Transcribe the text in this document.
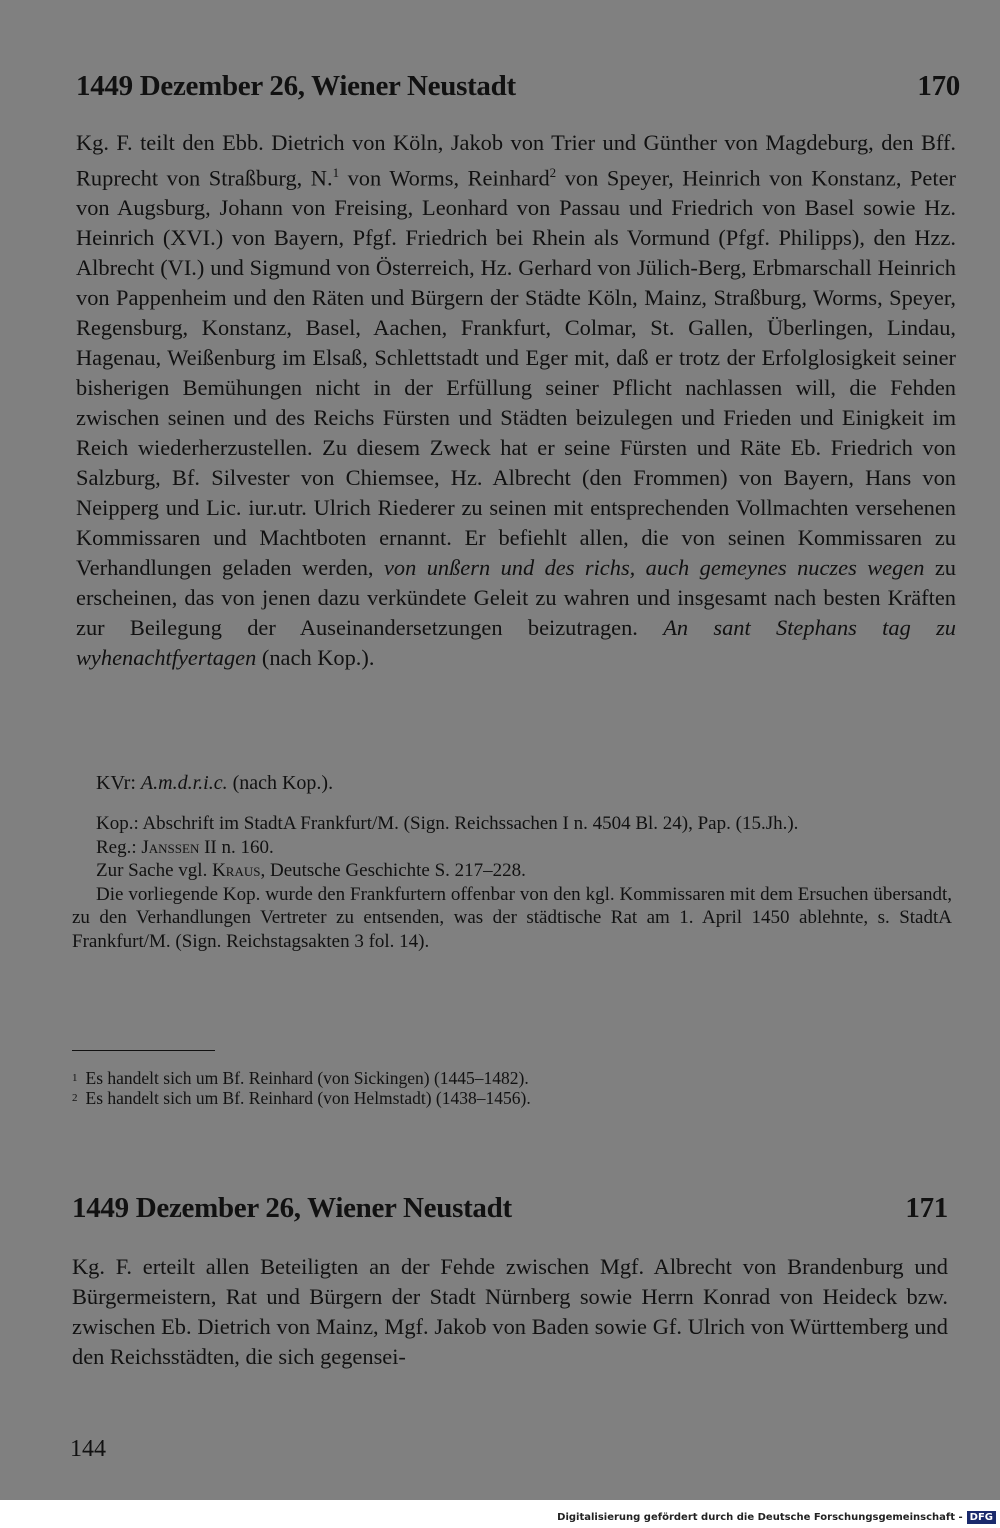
1449 Dezember 26, Wiener Neustadt	170

Kg. F. teilt den Ebb. Dietrich von Köln, Jakob von Trier und Günther von Magdeburg, den Bff. Ruprecht von Straßburg, N.$^1$ von Worms, Reinhard$^2$ von Speyer, Heinrich von Konstanz, Peter von Augsburg, Johann von Freising, Leonhard von Passau und Friedrich von Basel sowie Hz. Heinrich (XVI.) von Bayern, Pfgf. Friedrich bei Rhein als Vormund (Pfgf. Philipps), den Hzz. Albrecht (VI.) und Sigmund von Österreich, Hz. Gerhard von Jülich-Berg, Erbmarschall Heinrich von Pappenheim und den Räten und Bürgern der Städte Köln, Mainz, Straßburg, Worms, Speyer, Regensburg, Konstanz, Basel, Aachen, Frankfurt, Colmar, St. Gallen, Überlingen, Lindau, Hagenau, Weißenburg im Elsaß, Schlettstadt und Eger mit, daß er trotz der Erfolglosigkeit seiner bisherigen Bemühungen nicht in der Erfüllung seiner Pflicht nachlassen will, die Fehden zwischen seinen und des Reichs Fürsten und Städten beizulegen und Frieden und Einigkeit im Reich wiederherzustellen. Zu diesem Zweck hat er seine Fürsten und Räte Eb. Friedrich von Salzburg, Bf. Silvester von Chiemsee, Hz. Albrecht (den Frommen) von Bayern, Hans von Neipperg und Lic. iur.utr. Ulrich Riederer zu seinen mit entsprechenden Vollmachten versehenen Kommissaren und Machtboten ernannt. Er befiehlt allen, die von seinen Kommissaren zu Verhandlungen geladen werden, von unßern und des richs, auch gemeynes nuczes wegen zu erscheinen, das von jenen dazu verkündete Geleit zu wahren und insgesamt nach besten Kräften zur Beilegung der Auseinandersetzungen beizutragen. An sant Stephans tag zu wyhenachtfyertagen (nach Kop.).

KVr: A.m.d.r.i.c. (nach Kop.).

Kop.: Abschrift im StadtA Frankfurt/M. (Sign. Reichssachen I n. 4504 Bl. 24), Pap. (15.Jh.).

Reg.: Janssen II n. 160.

Zur Sache vgl. Kraus, Deutsche Geschichte S. 217–228.

Die vorliegende Kop. wurde den Frankfurtern offenbar von den kgl. Kommissaren mit dem Ersuchen übersandt, zu den Verhandlungen Vertreter zu entsenden, was der städtische Rat am 1. April 1450 ablehnte, s. StadtA Frankfurt/M. (Sign. Reichstagsakten 3 fol. 14).

$^1$ Es handelt sich um Bf. Reinhard (von Sickingen) (1445–1482).
$^2$ Es handelt sich um Bf. Reinhard (von Helmstadt) (1438–1456).
1449 Dezember 26, Wiener Neustadt	171

Kg. F. erteilt allen Beteiligten an der Fehde zwischen Mgf. Albrecht von Brandenburg und Bürgermeistern, Rat und Bürgern der Stadt Nürnberg sowie Herrn Konrad von Heideck bzw. zwischen Eb. Dietrich von Mainz, Mgf. Jakob von Baden sowie Gf. Ulrich von Württemberg und den Reichsstädten, die sich gegensei-

144
Digitalisierung gefördert durch die Deutsche Forschungsgemeinschaft - DFG
